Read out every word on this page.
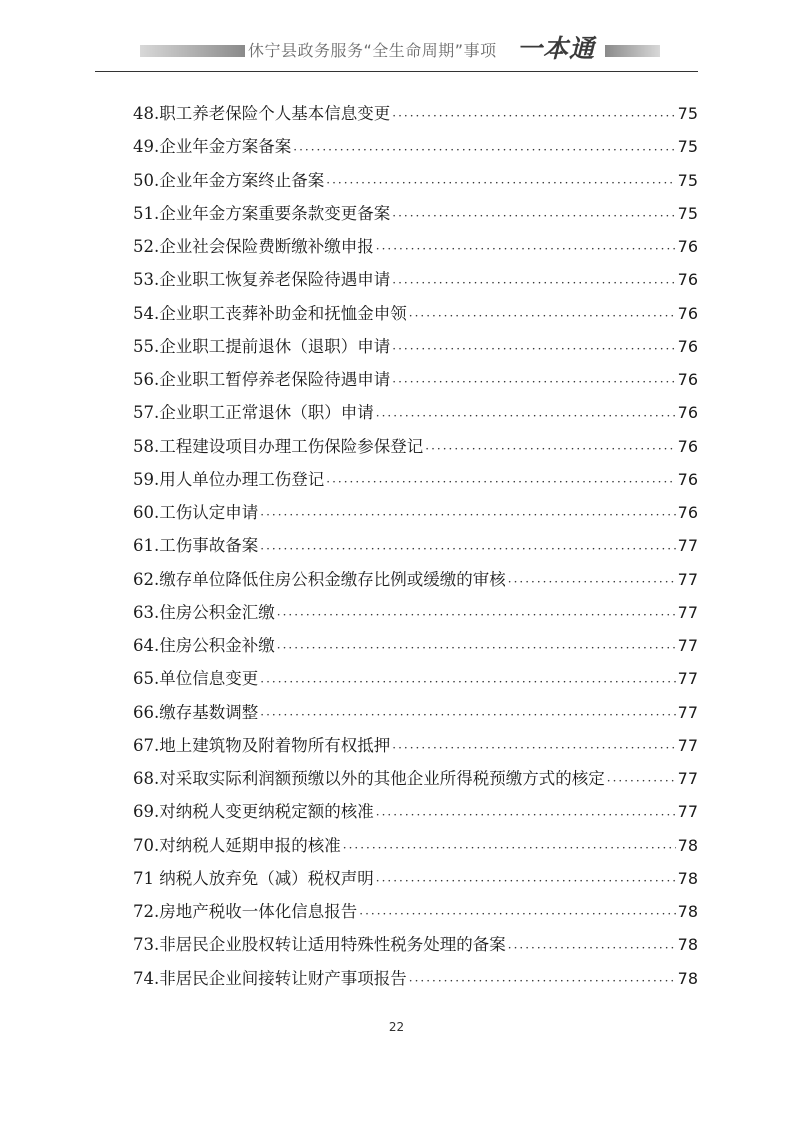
休宁县政务服务“全生命周期”事项 一本通
48.职工养老保险个人基本信息变更 ·····	75
49.企业年金方案备案 ·····	75
50.企业年金方案终止备案 ·····	75
51.企业年金方案重要条款变更备案 ·····	75
52.企业社会保险费断缴补缴申报 ·····	76
53.企业职工恢复养老保险待遇申请 ·····	76
54.企业职工丧葬补助金和抚恤金申领 ·····	76
55.企业职工提前退休（退职）申请 ·····	76
56.企业职工暂停养老保险待遇申请 ·····	76
57.企业职工正常退休（职）申请 ·····	76
58.工程建设项目办理工伤保险参保登记 ·····	76
59.用人单位办理工伤登记 ·····	76
60.工伤认定申请 ·····	76
61.工伤事故备案 ·····	77
62.缴存单位降低住房公积金缴存比例或缓缴的审核 ·····	77
63.住房公积金汇缴 ·····	77
64.住房公积金补缴 ·····	77
65.单位信息变更 ·····	77
66.缴存基数调整 ·····	77
67.地上建筑物及附着物所有权抵押 ·····	77
68.对采取实际利润额预缴以外的其他企业所得税预缴方式的核定 ·····	77
69.对纳税人变更纳税定额的核准 ·····	77
70.对纳税人延期申报的核准 ·····	78
71 纳税人放弃免（减）税权声明 ·····	78
72.房地产税收一体化信息报告 ·····	78
73.非居民企业股权转让适用特殊性税务处理的备案 ·····	78
74.非居民企业间接转让财产事项报告 ·····	78
22
